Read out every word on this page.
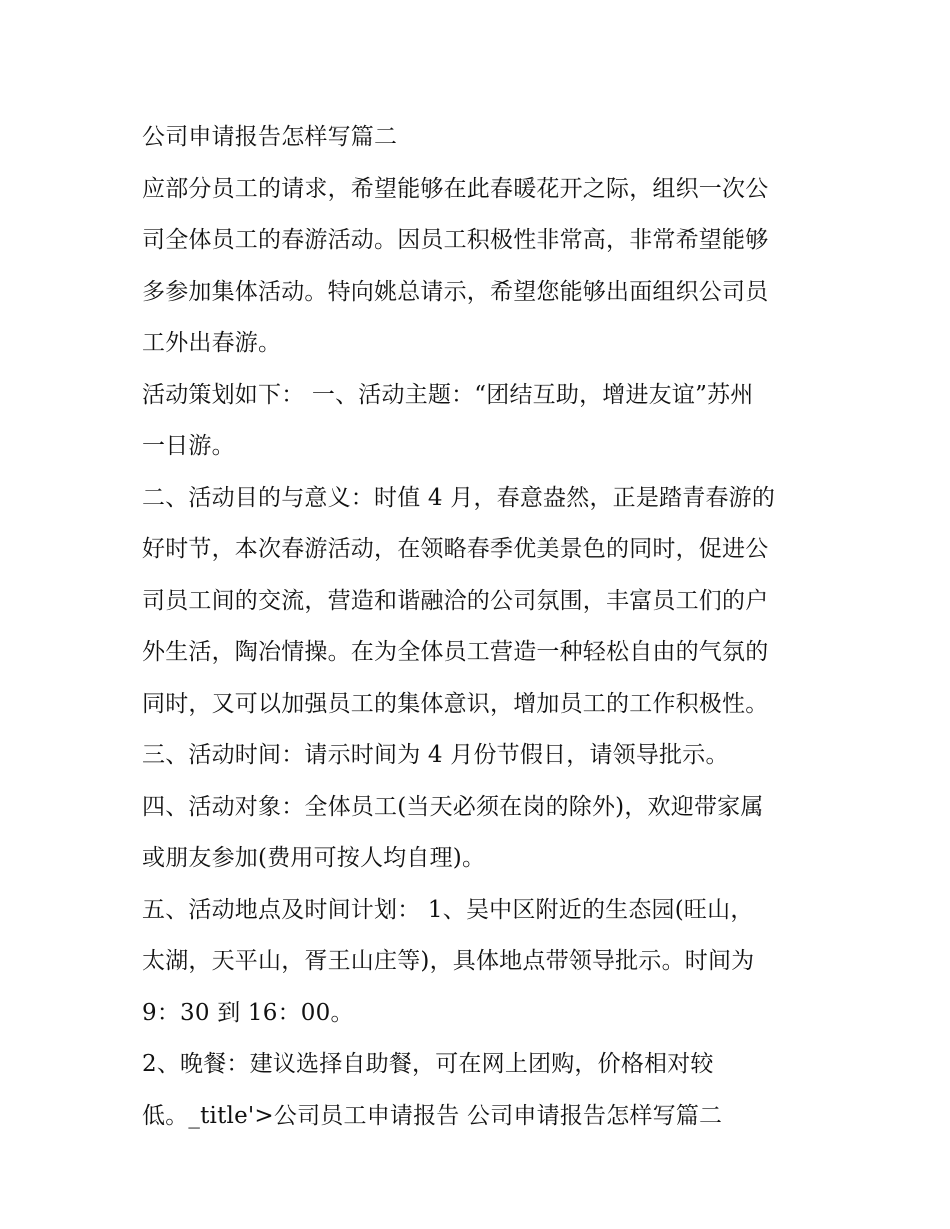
公司申请报告怎样写篇二
应部分员工的请求，希望能够在此春暖花开之际，组织一次公
司全体员工的春游活动。因员工积极性非常高，非常希望能够
多参加集体活动。特向姚总请示，希望您能够出面组织公司员
工外出春游。
活动策划如下： 一、活动主题：“团结互助，增进友谊”苏州
一日游。
二、活动目的与意义：时值 4 月，春意盎然，正是踏青春游的
好时节，本次春游活动，在领略春季优美景色的同时，促进公
司员工间的交流，营造和谐融洽的公司氛围，丰富员工们的户
外生活，陶冶情操。在为全体员工营造一种轻松自由的气氛的
同时，又可以加强员工的集体意识，增加员工的工作积极性。
三、活动时间：请示时间为 4 月份节假日，请领导批示。
四、活动对象：全体员工(当天必须在岗的除外)，欢迎带家属
或朋友参加(费用可按人均自理)。
五、活动地点及时间计划： 1、吴中区附近的生态园(旺山，
太湖，天平山，胥王山庄等)，具体地点带领导批示。时间为
9：30 到 16：00。
2、晚餐：建议选择自助餐，可在网上团购，价格相对较
低。_title'>公司员工申请报告 公司申请报告怎样写篇二
